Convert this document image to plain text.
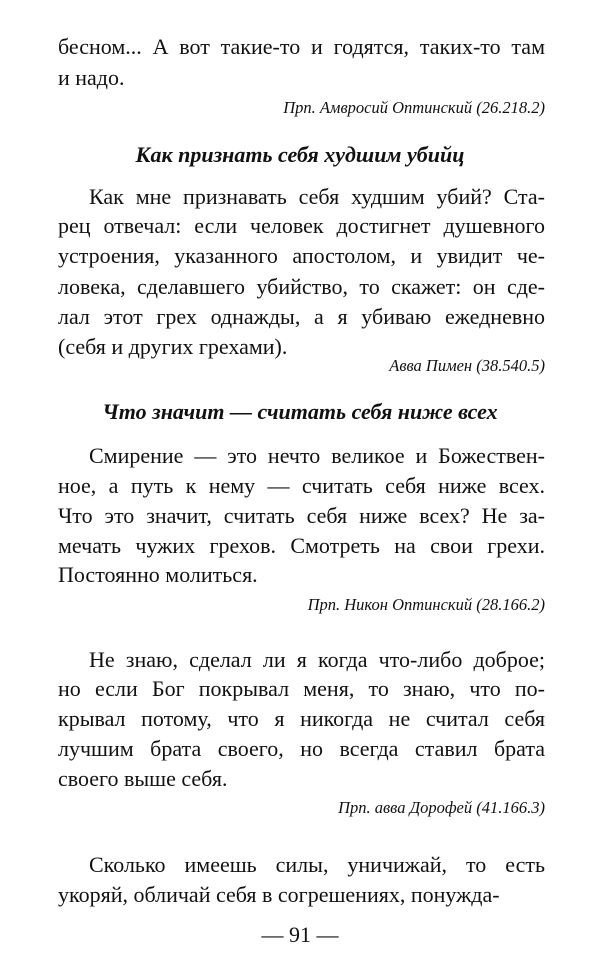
бесном... А вот такие-то и годятся, таких-то там
и надо.
Прп. Амвросий Оптинский (26.218.2)
Как признать себя худшим убийц
Как мне признавать себя худшим убий? Ста-
рец отвечал: если человек достигнет душевного
устроения, указанного апостолом, и увидит че-
ловека, сделавшего убийство, то скажет: он сде-
лал этот грех однажды, а я убиваю ежедневно
(себя и других грехами).
Авва Пимен (38.540.5)
Что значит — считать себя ниже всех
Смирение — это нечто великое и Божествен-
ное, а путь к нему — считать себя ниже всех.
Что это значит, считать себя ниже всех? Не за-
мечать чужих грехов. Смотреть на свои грехи.
Постоянно молиться.
Прп. Никон Оптинский (28.166.2)
Не знаю, сделал ли я когда что-либо доброе;
но если Бог покрывал меня, то знаю, что по-
крывал потому, что я никогда не считал себя
лучшим брата своего, но всегда ставил брата
своего выше себя.
Прп. авва Дорофей (41.166.3)
Сколько имеешь силы, уничижай, то есть
укоряй, обличай себя в согрешениях, понужда-
— 91 —
